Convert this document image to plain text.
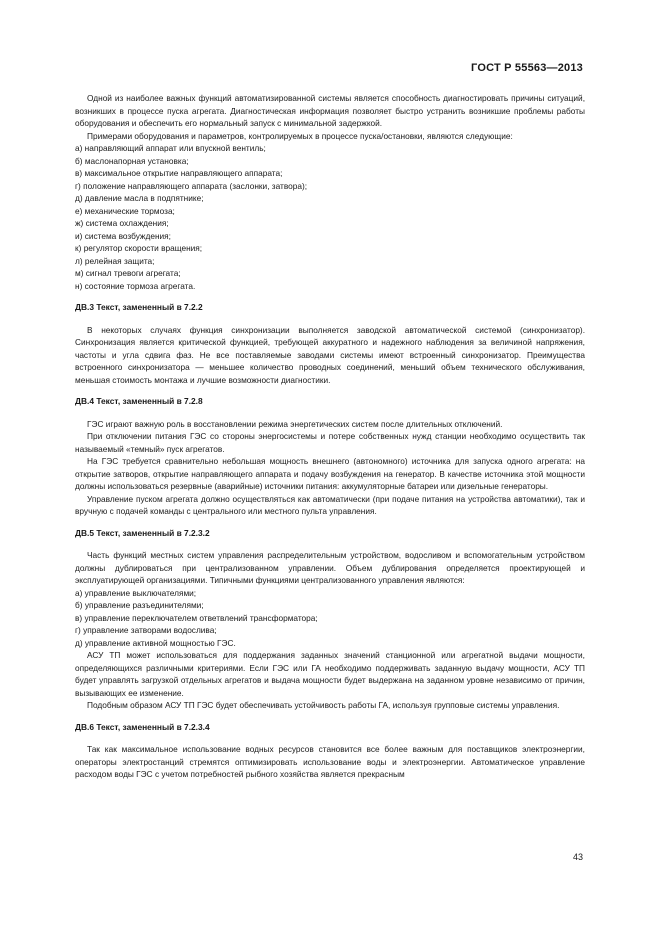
ГОСТ Р 55563—2013

Одной из наиболее важных функций автоматизированной системы является способность диагностировать причины ситуаций, возникших в процессе пуска агрегата. Диагностическая информация позволяет быстро устранить возникшие проблемы работы оборудования и обеспечить его нормальный запуск с минимальной задержкой.

Примерами оборудования и параметров, контролируемых в процессе пуска/остановки, являются следующие:

а) направляющий аппарат или впускной вентиль;

б) маслонапорная установка;

в) максимальное открытие направляющего аппарата;

г) положение направляющего аппарата (заслонки, затвора);

д) давление масла в подпятнике;

е) механические тормоза;

ж) система охлаждения;

и) система возбуждения;

к) регулятор скорости вращения;

л) релейная защита;

м) сигнал тревоги агрегата;

н) состояние тормоза агрегата.

ДВ.3 Текст, замененный в 7.2.2

В некоторых случаях функция синхронизации выполняется заводской автоматической системой (синхронизатор). Синхронизация является критической функцией, требующей аккуратного и надежного наблюдения за величиной напряжения, частоты и угла сдвига фаз. Не все поставляемые заводами системы имеют встроенный синхронизатор. Преимущества встроенного синхронизатора — меньшее количество проводных соединений, меньший объем технического обслуживания, меньшая стоимость монтажа и лучшие возможности диагностики.

ДВ.4 Текст, замененный в 7.2.8

ГЭС играют важную роль в восстановлении режима энергетических систем после длительных отключений.

При отключении питания ГЭС со стороны энергосистемы и потере собственных нужд станции необходимо осуществить так называемый «темный» пуск агрегатов.

На ГЭС требуется сравнительно небольшая мощность внешнего (автономного) источника для запуска одного агрегата: на открытие затворов, открытие направляющего аппарата и подачу возбуждения на генератор. В качестве источника этой мощности должны использоваться резервные (аварийные) источники питания: аккумуляторные батареи или дизельные генераторы.

Управление пуском агрегата должно осуществляться как автоматически (при подаче питания на устройства автоматики), так и вручную с подачей команды с центрального или местного пульта управления.

ДВ.5 Текст, замененный в 7.2.3.2

Часть функций местных систем управления распределительным устройством, водосливом и вспомогательным устройством должны дублироваться при централизованном управлении. Объем дублирования определяется проектирующей и эксплуатирующей организациями. Типичными функциями централизованного управления являются:

а) управление выключателями;

б) управление разъединителями;

в) управление переключателем ответвлений трансформатора;

г) управление затворами водослива;

д) управление активной мощностью ГЭС.

АСУ ТП может использоваться для поддержания заданных значений станционной или агрегатной выдачи мощности, определяющихся различными критериями. Если ГЭС или ГА необходимо поддерживать заданную выдачу мощности, АСУ ТП будет управлять загрузкой отдельных агрегатов и выдача мощности будет выдержана на заданном уровне независимо от причин, вызывающих ее изменение.

Подобным образом АСУ ТП ГЭС будет обеспечивать устойчивость работы ГА, используя групповые системы управления.

ДВ.6 Текст, замененный в 7.2.3.4

Так как максимальное использование водных ресурсов становится все более важным для поставщиков электроэнергии, операторы электростанций стремятся оптимизировать использование воды и электроэнергии. Автоматическое управление расходом воды ГЭС с учетом потребностей рыбного хозяйства является прекрасным

43
